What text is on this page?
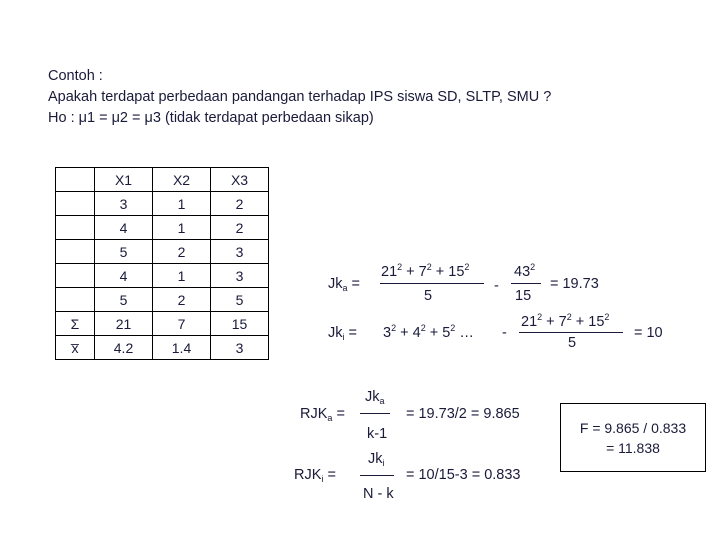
Contoh :
Apakah terdapat perbedaan pandangan terhadap IPS siswa SD, SLTP, SMU ?
Ho : μ1 = μ2 = μ3 (tidak terdapat perbedaan sikap)
	X1	X2	X3
	3	1	2
	4	1	2
	5	2	3
	4	1	3
	5	2	5
Σ	21	7	15
x̅	4.2	1.4	3
$Jk_a$ =
$21^2 + 7^2 + 15^2$
5
-
$43^2$
15
= 19.73
$Jk_i = 3^2 + 4^2 + 5^2$ … -
$21^2 + 7^2 + 15^2$
5
= 10
$RJK_a$ =
$Jk_a$
k-1
= 19.73/2 = 9.865
$RJK_i$ =
$Jk_i$
N - k
= 10/15-3 = 0.833
F = 9.865 / 0.833
= 11.838
